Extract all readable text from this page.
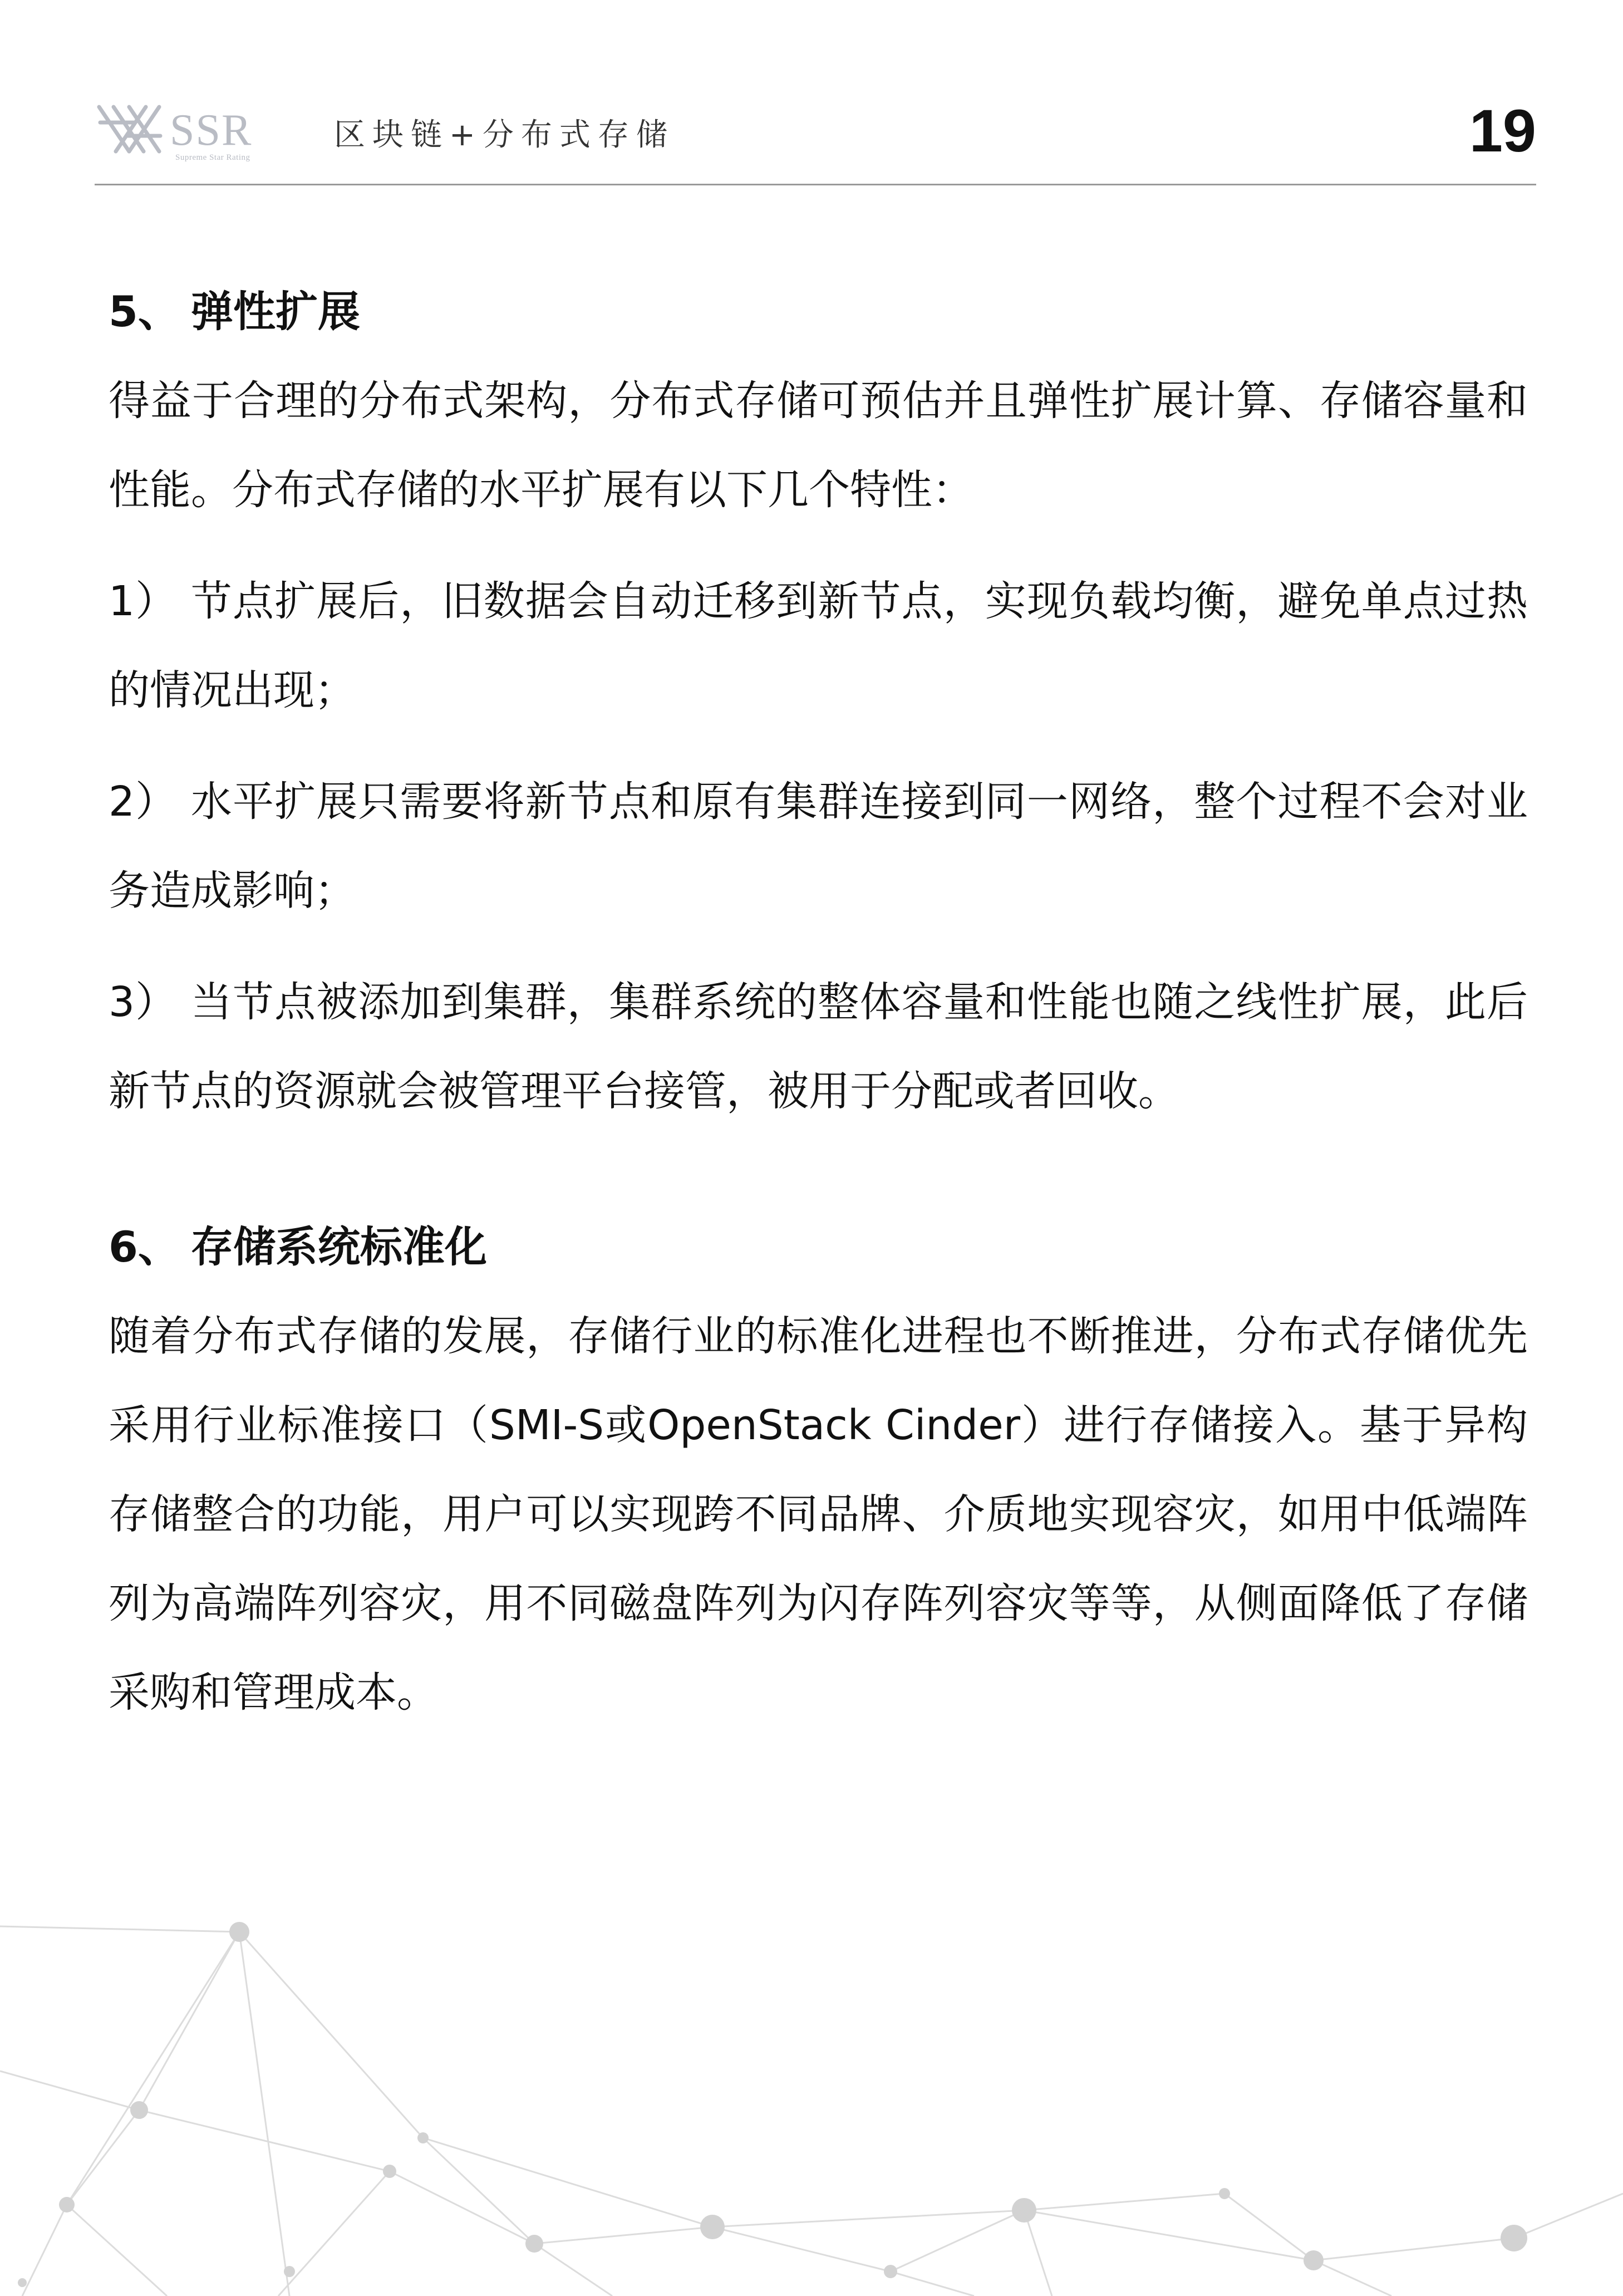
SSR
Supreme Star Rating
区块链+分布式存储	19
5、 弹性扩展
得益于合理的分布式架构，分布式存储可预估并且弹性扩展计算、存储容量和性能。分布式存储的水平扩展有以下几个特性：
1） 节点扩展后，旧数据会自动迁移到新节点，实现负载均衡，避免单点过热的情况出现；
2） 水平扩展只需要将新节点和原有集群连接到同一网络，整个过程不会对业务造成影响；
3） 当节点被添加到集群，集群系统的整体容量和性能也随之线性扩展，此后新节点的资源就会被管理平台接管，被用于分配或者回收。
6、 存储系统标准化
随着分布式存储的发展，存储行业的标准化进程也不断推进，分布式存储优先采用行业标准接口（SMI-S或OpenStack Cinder）进行存储接入。基于异构存储整合的功能，用户可以实现跨不同品牌、介质地实现容灾，如用中低端阵列为高端阵列容灾，用不同磁盘阵列为闪存阵列容灾等等，从侧面降低了存储采购和管理成本。
